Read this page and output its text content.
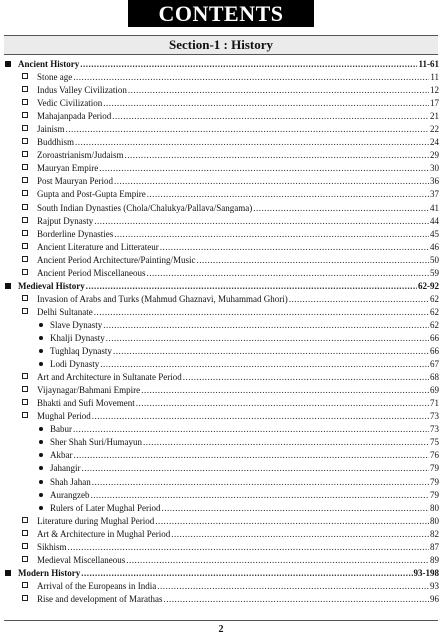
CONTENTS
Section-1 : History
Ancient History .....	11-61
Stone age .....	11
Indus Valley Civilization .....	12
Vedic Civilization .....	17
Mahajanpada Period .....	21
Jainism .....	22
Buddhism .....	24
Zoroastrianism/Judaism .....	29
Mauryan Empire .....	30
Post Mauryan Period .....	36
Gupta and Post-Gupta Empire .....	37
South Indian Dynasties (Chola/Chalukya/Pallava/Sangama) .....	41
Rajput Dynasty .....	44
Borderline Dynasties .....	45
Ancient Literature and Litterateur .....	46
Ancient Period Architecture/Painting/Music .....	50
Ancient Period Miscellaneous .....	59
Medieval History .....	62-92
Invasion of Arabs and Turks (Mahmud Ghaznavi, Muhammad Ghori) .....	62
Delhi Sultanate .....	62
Slave Dynasty .....	62
Khalji Dynasty .....	66
Tughlaq Dynasty .....	66
Lodi Dynasty .....	67
Art and Architecture in Sultanate Period .....	68
Vijaynagar/Bahmani Empire .....	69
Bhakti and Sufi Movement .....	71
Mughal Period .....	73
Babur .....	73
Sher Shah Suri/Humayun .....	75
Akbar .....	76
Jahangir .....	79
Shah Jahan .....	79
Aurangzeb .....	79
Rulers of Later Mughal Period .....	80
Literature during Mughal Period .....	80
Art & Architecture in Mughal Period .....	82
Sikhism .....	87
Medieval Miscellaneous .....	89
Modern History .....	93-198
Arrival of the Europeans in India .....	93
Rise and development of Marathas .....	96
2
